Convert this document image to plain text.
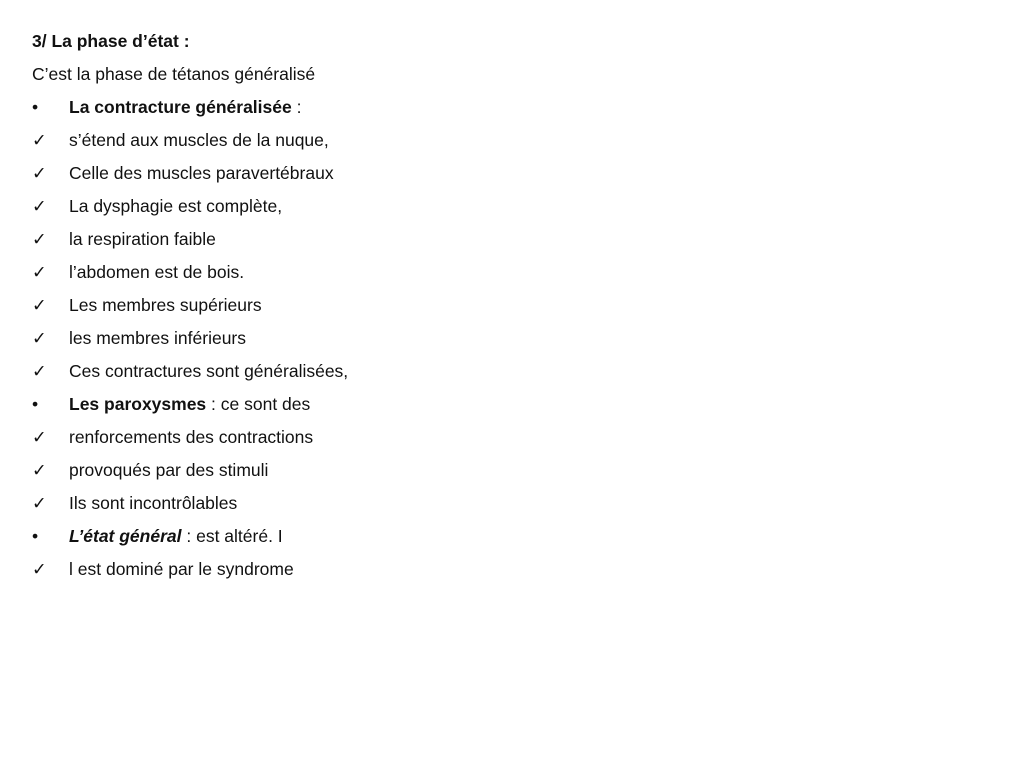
3/ La phase d’état :
C’est la phase de tétanos généralisé
•	La contracture généralisée :
✓	s’étend aux muscles de la nuque,
✓	Celle des muscles paravertébraux
✓	La dysphagie est complète,
✓	la respiration faible
✓	l’abdomen est de bois.
✓	Les membres supérieurs
✓	les membres inférieurs
✓	Ces contractures sont généralisées,
•	Les paroxysmes : ce sont des
✓	renforcements des contractions
✓	provoqués par des stimuli
✓	Ils sont incontrôlables
•	L’état général : est altéré. I
✓	l est dominé par le syndrome
